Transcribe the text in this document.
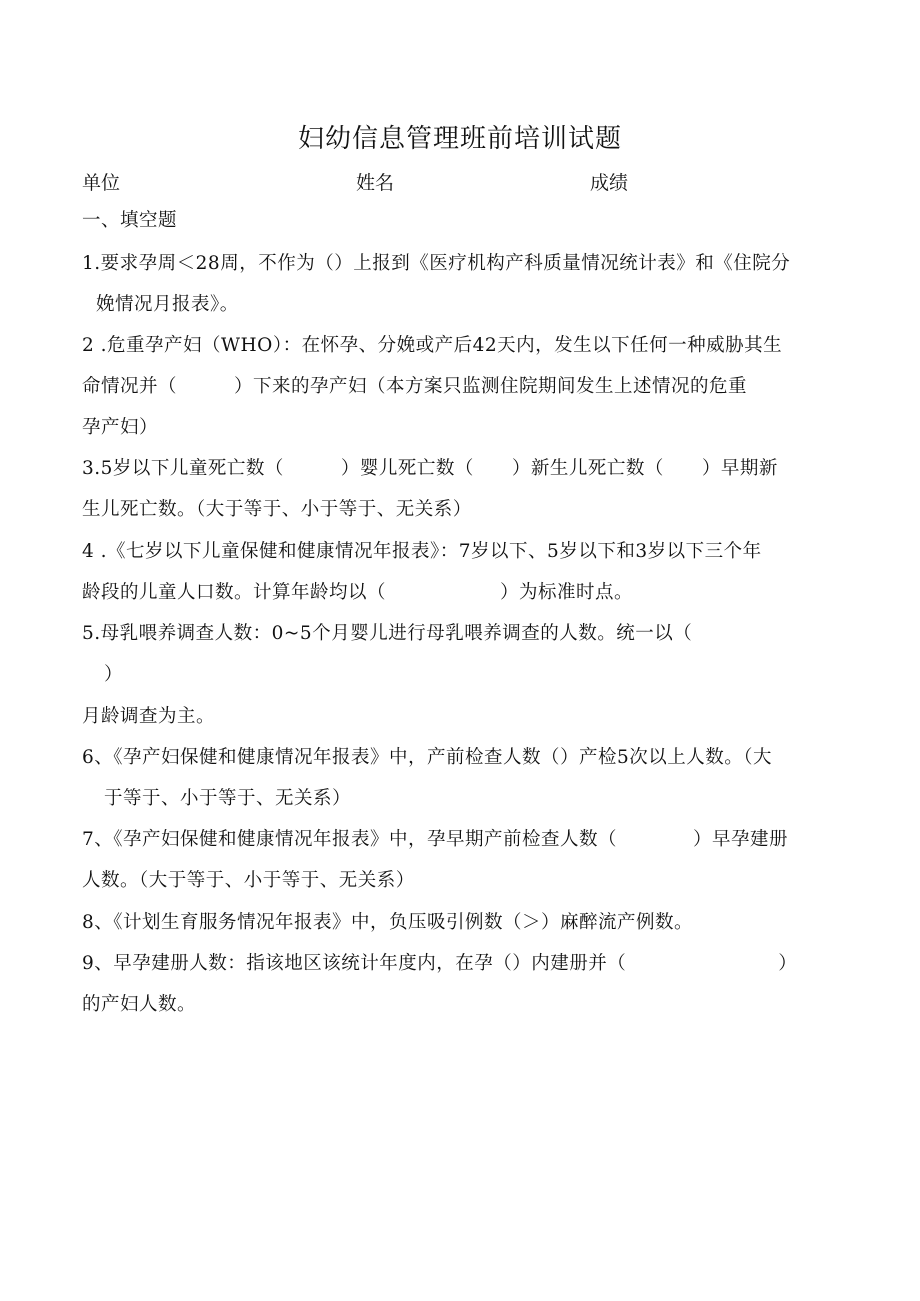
妇幼信息管理班前培训试题
单位	姓名	成绩
一、填空题
1.要求孕周＜28周，不作为（）上报到《医疗机构产科质量情况统计表》和《住院分
娩情况月报表》。
2 .危重孕产妇（WHO）：在怀孕、分娩或产后42天内，发生以下任何一种威胁其生
命情况并（　　　）下来的孕产妇（本方案只监测住院期间发生上述情况的危重
孕产妇）
3.5岁以下儿童死亡数（　　　）婴儿死亡数（　　）新生儿死亡数（　　）早期新
生儿死亡数。（大于等于、小于等于、无关系）
4 .《七岁以下儿童保健和健康情况年报表》：7岁以下、5岁以下和3岁以下三个年
龄段的儿童人口数。计算年龄均以（　　　　　　）为标准时点。
5.母乳喂养调查人数：0~5个月婴儿进行母乳喂养调查的人数。统一以（
）
月龄调查为主。
6、《孕产妇保健和健康情况年报表》中，产前检查人数（）产检5次以上人数。（大
于等于、小于等于、无关系）
7、《孕产妇保健和健康情况年报表》中，孕早期产前检查人数（　　　　）早孕建册
人数。（大于等于、小于等于、无关系）
8、《计划生育服务情况年报表》中，负压吸引例数（＞）麻醉流产例数。
9、早孕建册人数：指该地区该统计年度内，在孕（）内建册并（　　　　　　　　）
的产妇人数。
